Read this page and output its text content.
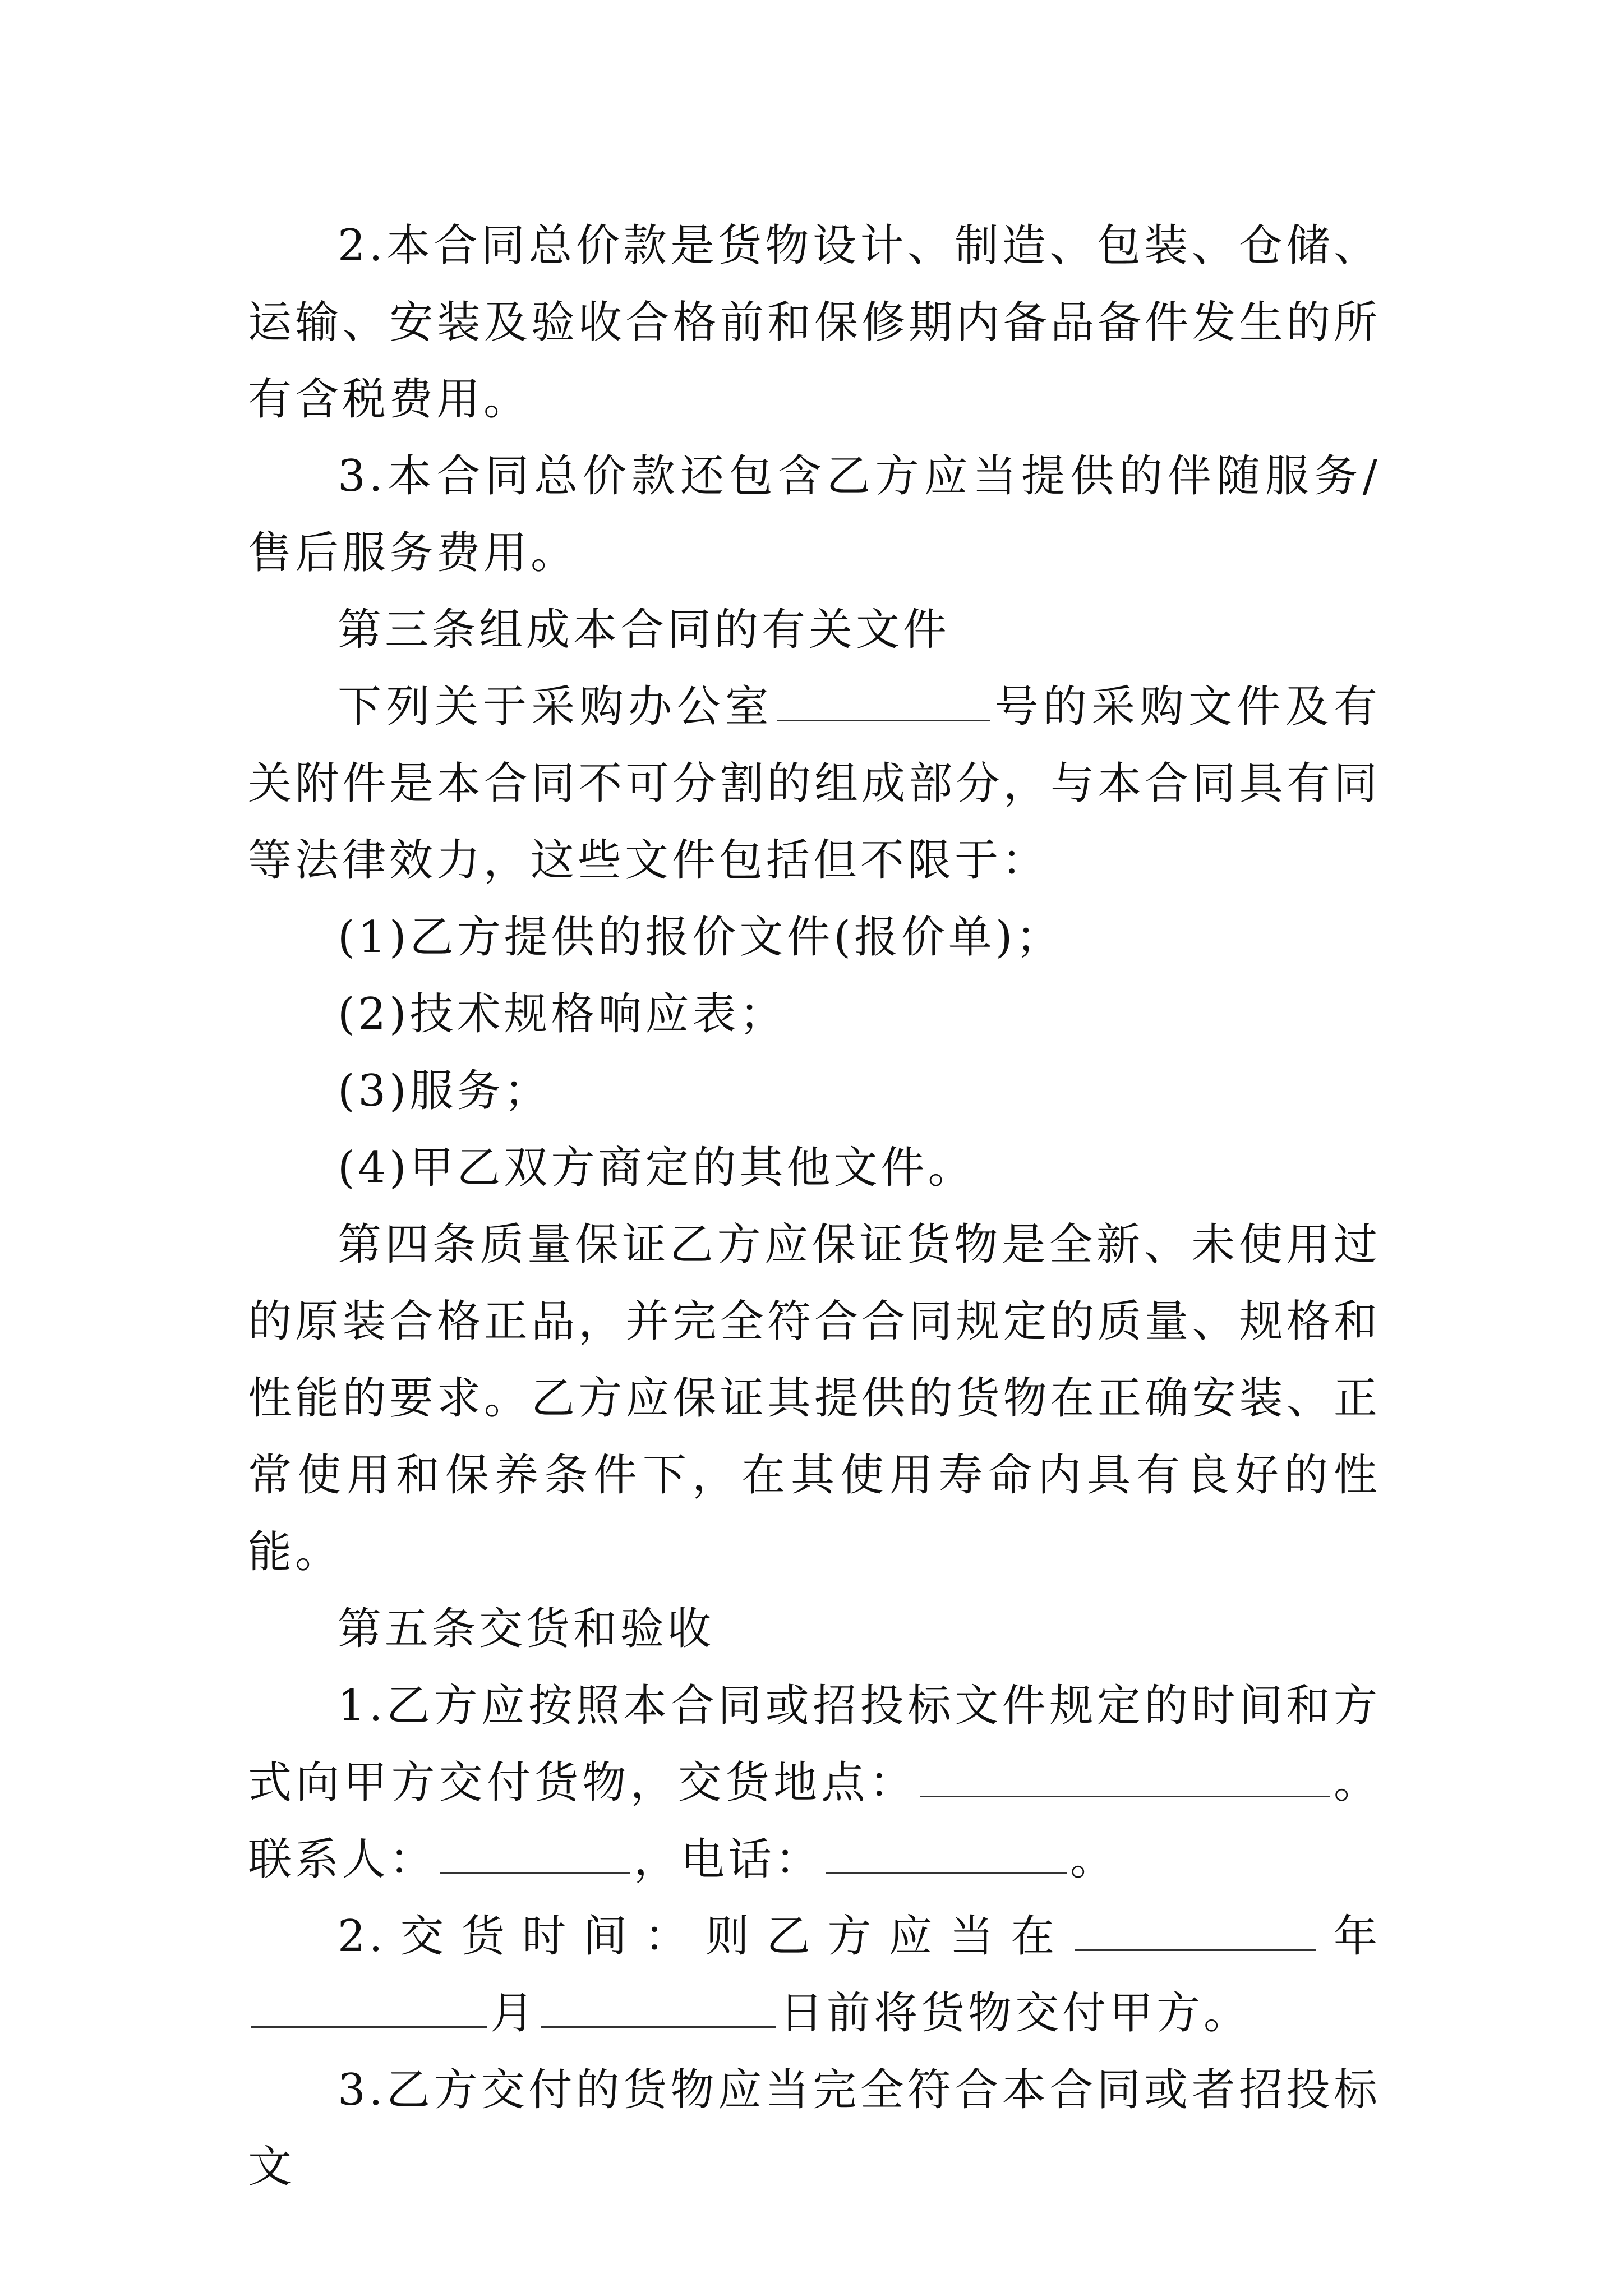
2.本合同总价款是货物设计、制造、包装、仓储、运输、安装及验收合格前和保修期内备品备件发生的所有含税费用。

3.本合同总价款还包含乙方应当提供的伴随服务/售后服务费用。

第三条组成本合同的有关文件

下列关于采购办公室	号的采购文件及有关附件是本合同不可分割的组成部分，与本合同具有同等法律效力，这些文件包括但不限于：

(1)乙方提供的报价文件(报价单)；

(2)技术规格响应表；

(3)服务；

(4)甲乙双方商定的其他文件。

第四条质量保证乙方应保证货物是全新、未使用过的原装合格正品，并完全符合合同规定的质量、规格和性能的要求。乙方应保证其提供的货物在正确安装、正常使用和保养条件下，在其使用寿命内具有良好的性能。

第五条交货和验收

1.乙方应按照本合同或招投标文件规定的时间和方式向甲方交付货物，交货地点：	。联系人：	，电话：	。

2.交货时间：则乙方应当在	年月	日前将货物交付甲方。

3.乙方交付的货物应当完全符合本合同或者招投标文
